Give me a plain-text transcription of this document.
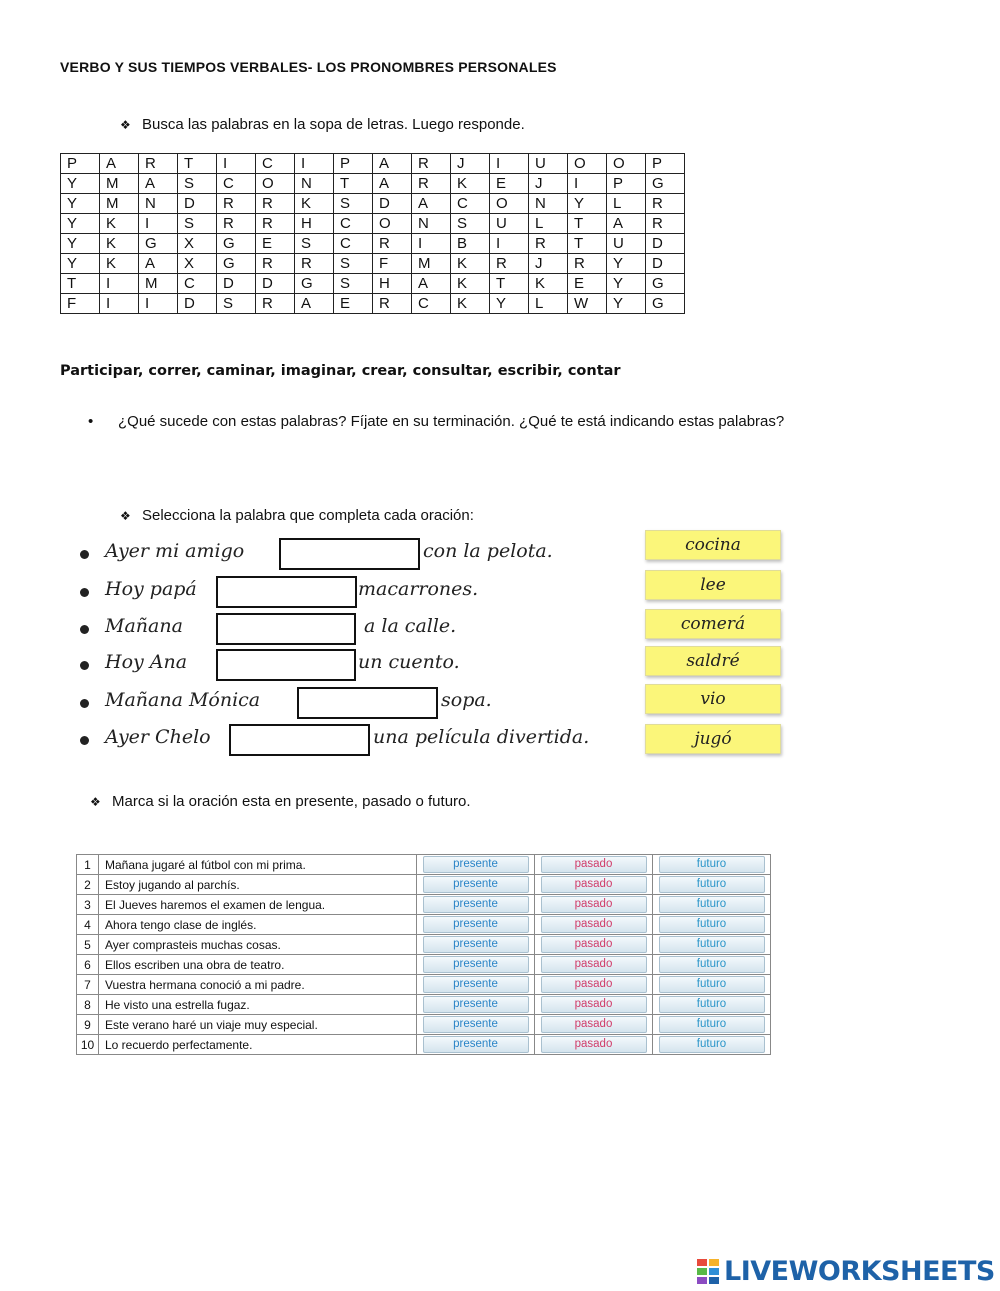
VERBO Y SUS TIEMPOS VERBALES- LOS PRONOMBRES PERSONALES
❖ Busca las palabras en la sopa de letras. Luego responde.
P	A	R	T	I	C	I	P	A	R	J	I	U	O	O	P
Y	M	A	S	C	O	N	T	A	R	K	E	J	I	P	G
Y	M	N	D	R	R	K	S	D	A	C	O	N	Y	L	R
Y	K	I	S	R	R	H	C	O	N	S	U	L	T	A	R
Y	K	G	X	G	E	S	C	R	I	B	I	R	T	U	D
Y	K	A	X	G	R	R	S	F	M	K	R	J	R	Y	D
T	I	M	C	D	D	G	S	H	A	K	T	K	E	Y	G
F	I	I	D	S	R	A	E	R	C	K	Y	L	W	Y	G
Participar, correr, caminar, imaginar, crear, consultar, escribir, contar
• ¿Qué sucede con estas palabras? Fíjate en su terminación. ¿Qué te está indicando estas palabras?
❖ Selecciona la palabra que completa cada oración:
Ayer mi amigo	con la pelota.
Hoy papá	macarrones.
Mañana	a la calle.
Hoy Ana	un cuento.
Mañana Mónica	sopa.
Ayer Chelo	una película divertida.
cocina
lee
comerá
saldré
vio
jugó
❖ Marca si la oración esta en presente, pasado o futuro.
1	Mañana jugaré al fútbol con mi prima.	presente	pasado	futuro
2	Estoy jugando al parchís.	presente	pasado	futuro
3	El Jueves haremos el examen de lengua.	presente	pasado	futuro
4	Ahora tengo clase de inglés.	presente	pasado	futuro
5	Ayer comprasteis muchas cosas.	presente	pasado	futuro
6	Ellos escriben una obra de teatro.	presente	pasado	futuro
7	Vuestra hermana conoció a mi padre.	presente	pasado	futuro
8	He visto una estrella fugaz.	presente	pasado	futuro
9	Este verano haré un viaje muy especial.	presente	pasado	futuro
10	Lo recuerdo perfectamente.	presente	pasado	futuro
LIVEWORKSHEETS
